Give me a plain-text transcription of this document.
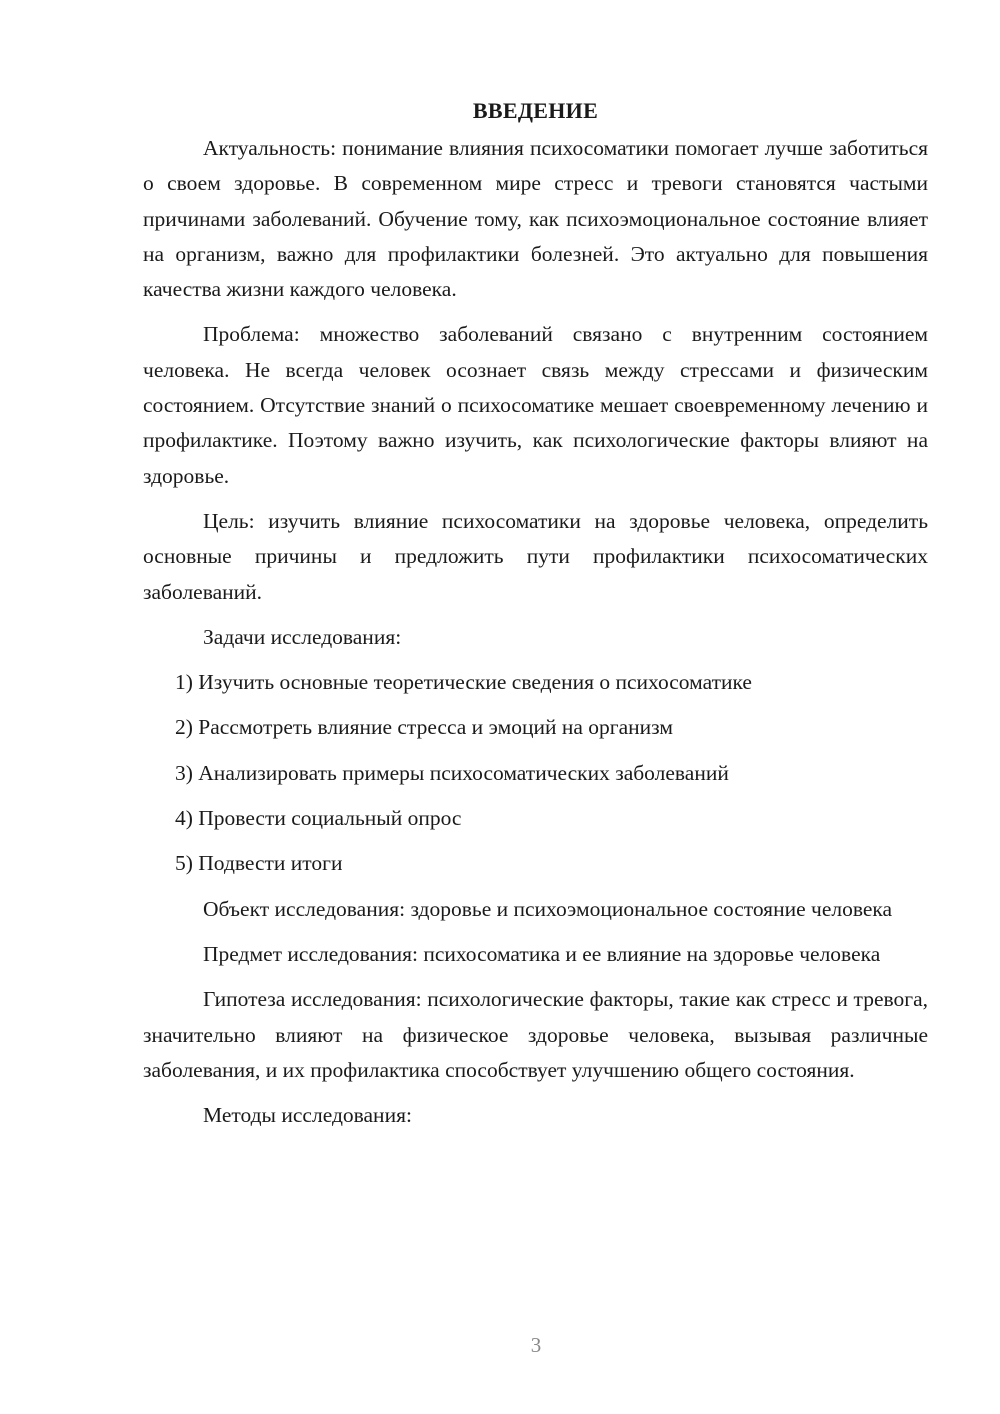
ВВЕДЕНИЕ

Актуальность: понимание влияния психосоматики помогает лучше заботиться о своем здоровье. В современном мире стресс и тревоги становятся частыми причинами заболеваний. Обучение тому, как психоэмоциональное состояние влияет на организм, важно для профилактики болезней. Это актуально для повышения качества жизни каждого человека.

Проблема: множество заболеваний связано с внутренним состоянием человека. Не всегда человек осознает связь между стрессами и физическим состоянием. Отсутствие знаний о психосоматике мешает своевременному лечению и профилактике. Поэтому важно изучить, как психологические факторы влияют на здоровье.

Цель: изучить влияние психосоматики на здоровье человека, определить основные причины и предложить пути профилактики психосоматических заболеваний.

Задачи исследования:

1) Изучить основные теоретические сведения о психосоматике
2) Рассмотреть влияние стресса и эмоций на организм
3) Анализировать примеры психосоматических заболеваний
4) Провести социальный опрос
5) Подвести итоги

Объект исследования: здоровье и психоэмоциональное состояние человека

Предмет исследования: психосоматика и ее влияние на здоровье человека

Гипотеза исследования: психологические факторы, такие как стресс и тревога, значительно влияют на физическое здоровье человека, вызывая различные заболевания, и их профилактика способствует улучшению общего состояния.

Методы исследования:

3
